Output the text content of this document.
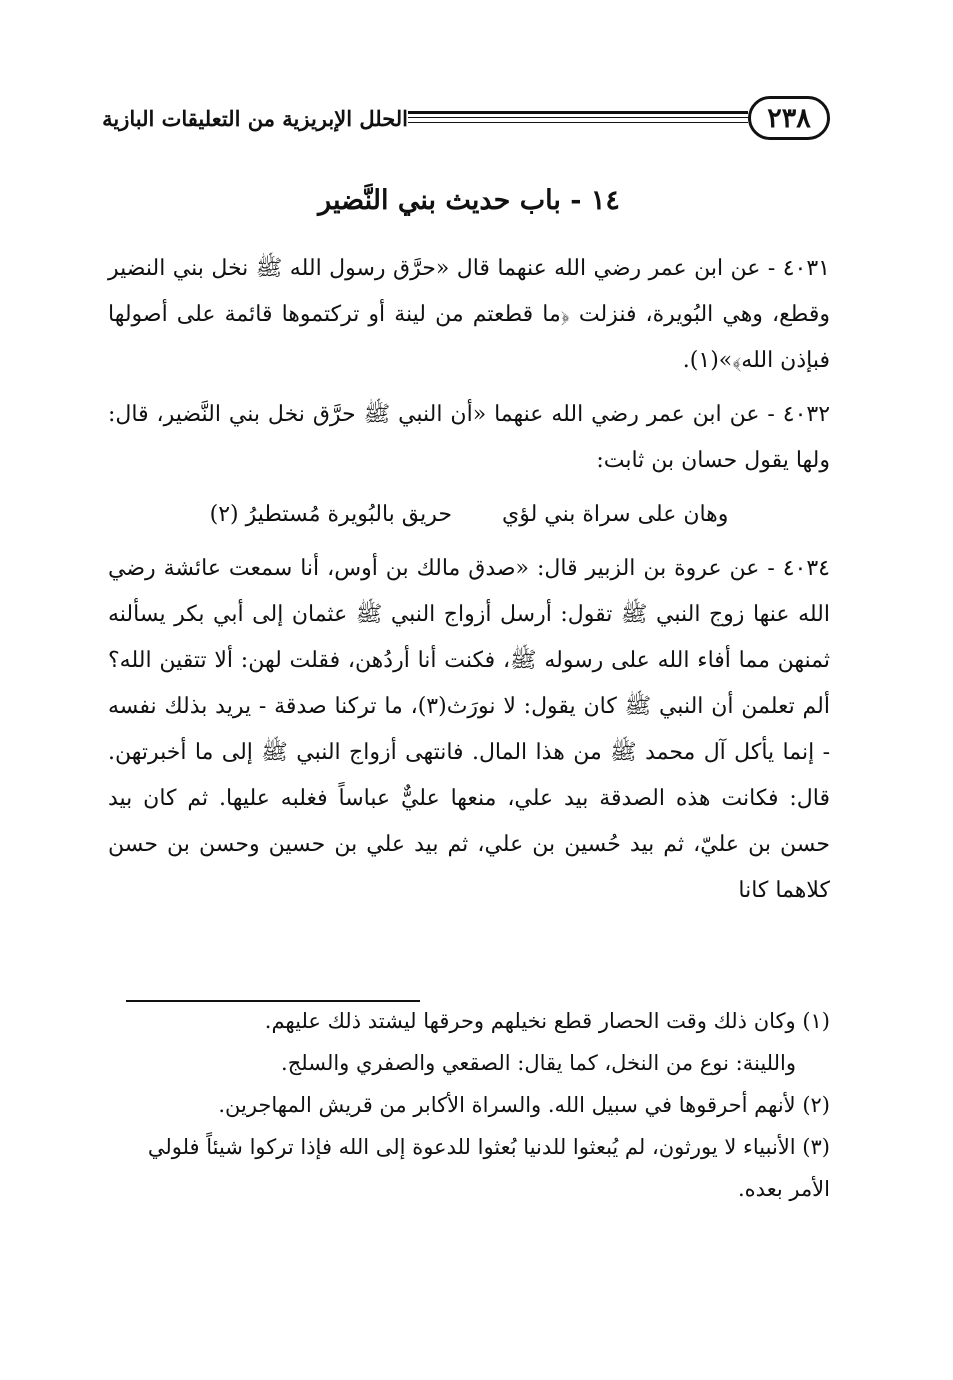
٢٣٨
الحلل الإبريزية من التعليقات البازية
١٤ - باب حديث بني النَّضير

٤٠٣١ - عن ابن عمر رضي الله عنهما قال «حرَّق رسول الله ﷺ نخل بني النضير وقطع، وهي البُويرة، فنزلت ﴿ما قطعتم من لينة أو تركتموها قائمة على أصولها فبإذن الله﴾»(١).

٤٠٣٢ - عن ابن عمر رضي الله عنهما «أن النبي ﷺ حرَّق نخل بني النَّضير، قال: ولها يقول حسان بن ثابت:

وهان على سراة بني لؤي
حريق بالبُويرة مُستطيرُ (٢)

٤٠٣٤ - عن عروة بن الزبير قال: «صدق مالك بن أوس، أنا سمعت عائشة رضي الله عنها زوج النبي ﷺ تقول: أرسل أزواج النبي ﷺ عثمان إلى أبي بكر يسألنه ثمنهن مما أفاء الله على رسوله ﷺ، فكنت أنا أردُهن، فقلت لهن: ألا تتقين الله؟ ألم تعلمن أن النبي ﷺ كان يقول: لا نورَث(٣)، ما تركنا صدقة - يريد بذلك نفسه - إنما يأكل آل محمد ﷺ من هذا المال. فانتهى أزواج النبي ﷺ إلى ما أخبرتهن. قال: فكانت هذه الصدقة بيد علي، منعها عليٌّ عباساً فغلبه عليها. ثم كان بيد حسن بن عليّ، ثم بيد حُسين بن علي، ثم بيد علي بن حسين وحسن بن حسن كلاهما كانا

(١) وكان ذلك وقت الحصار قطع نخيلهم وحرقها ليشتد ذلك عليهم.

واللينة: نوع من النخل، كما يقال: الصقعي والصفري والسلج.

(٢) لأنهم أحرقوها في سبيل الله. والسراة الأكابر من قريش المهاجرين.

(٣) الأنبياء لا يورثون، لم يُبعثوا للدنيا بُعثوا للدعوة إلى الله فإذا تركوا شيئاً فلولي الأمر بعده.
